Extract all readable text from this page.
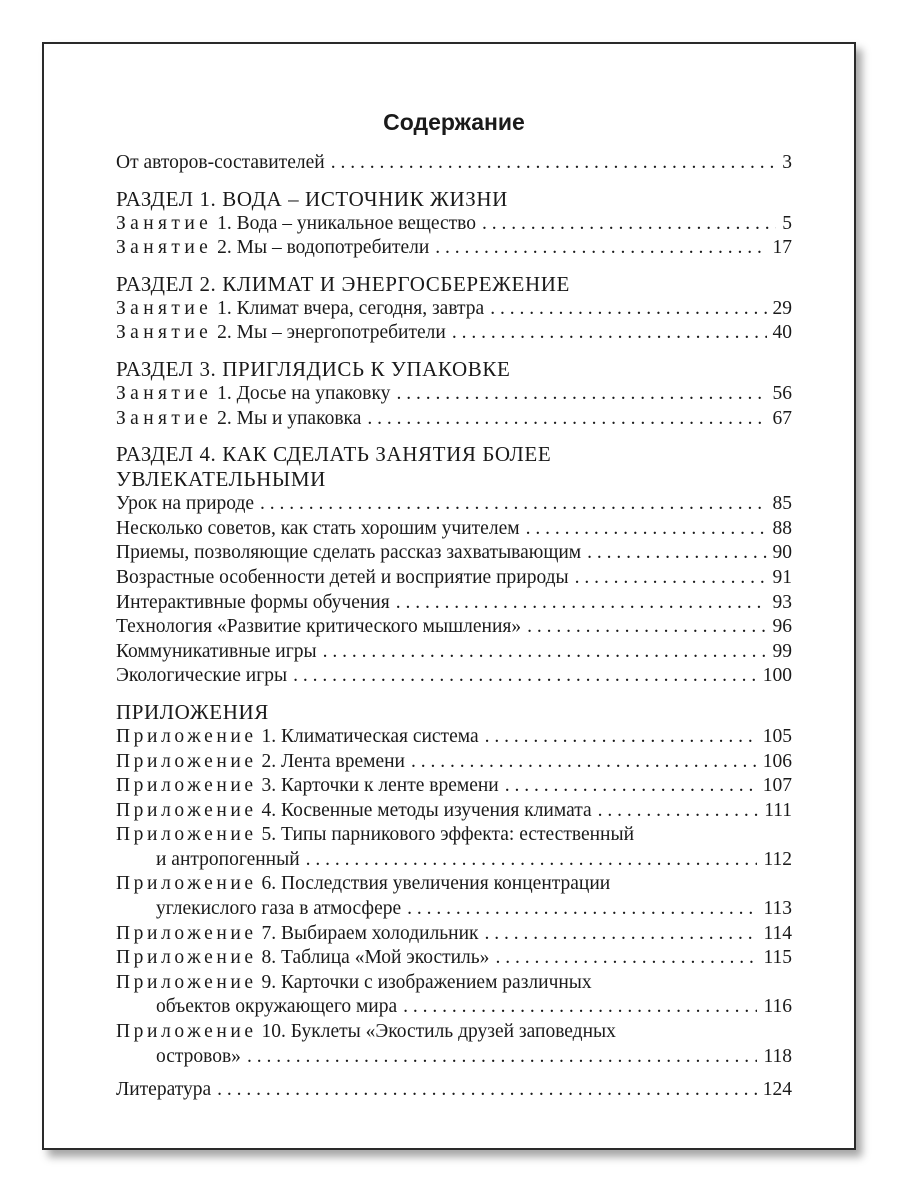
Содержание
От авторов-составителей . . .	3
РАЗДЕЛ 1. ВОДА – ИСТОЧНИК ЖИЗНИ
Занятие 1. Вода – уникальное вещество . . .	5
Занятие 2. Мы – водопотребители . . .	17
РАЗДЕЛ 2. КЛИМАТ И ЭНЕРГОСБЕРЕЖЕНИЕ
Занятие 1. Климат вчера, сегодня, завтра . . .	29
Занятие 2. Мы – энергопотребители . . .	40
РАЗДЕЛ 3. ПРИГЛЯДИСЬ К УПАКОВКЕ
Занятие 1. Досье на упаковку . . .	56
Занятие 2. Мы и упаковка . . .	67
РАЗДЕЛ 4. КАК СДЕЛАТЬ ЗАНЯТИЯ БОЛЕЕ
УВЛЕКАТЕЛЬНЫМИ
Урок на природе . . .	85
Несколько советов, как стать хорошим учителем . . .	88
Приемы, позволяющие сделать рассказ захватывающим . . .	90
Возрастные особенности детей и восприятие природы . . .	91
Интерактивные формы обучения . . .	93
Технология «Развитие критического мышления» . . .	96
Коммуникативные игры . . .	99
Экологические игры . . .	100
ПРИЛОЖЕНИЯ
Приложение 1. Климатическая система . . .	105
Приложение 2. Лента времени . . .	106
Приложение 3. Карточки к ленте времени . . .	107
Приложение 4. Косвенные методы изучения климата . . .	111
Приложение 5. Типы парникового эффекта: естественный
и антропогенный . . .	112
Приложение 6. Последствия увеличения концентрации
углекислого газа в атмосфере . . .	113
Приложение 7. Выбираем холодильник . . .	114
Приложение 8. Таблица «Мой экостиль» . . .	115
Приложение 9. Карточки с изображением различных
объектов окружающего мира . . .	116
Приложение 10. Буклеты «Экостиль друзей заповедных
островов» . . .	118
Литература . . .	124
